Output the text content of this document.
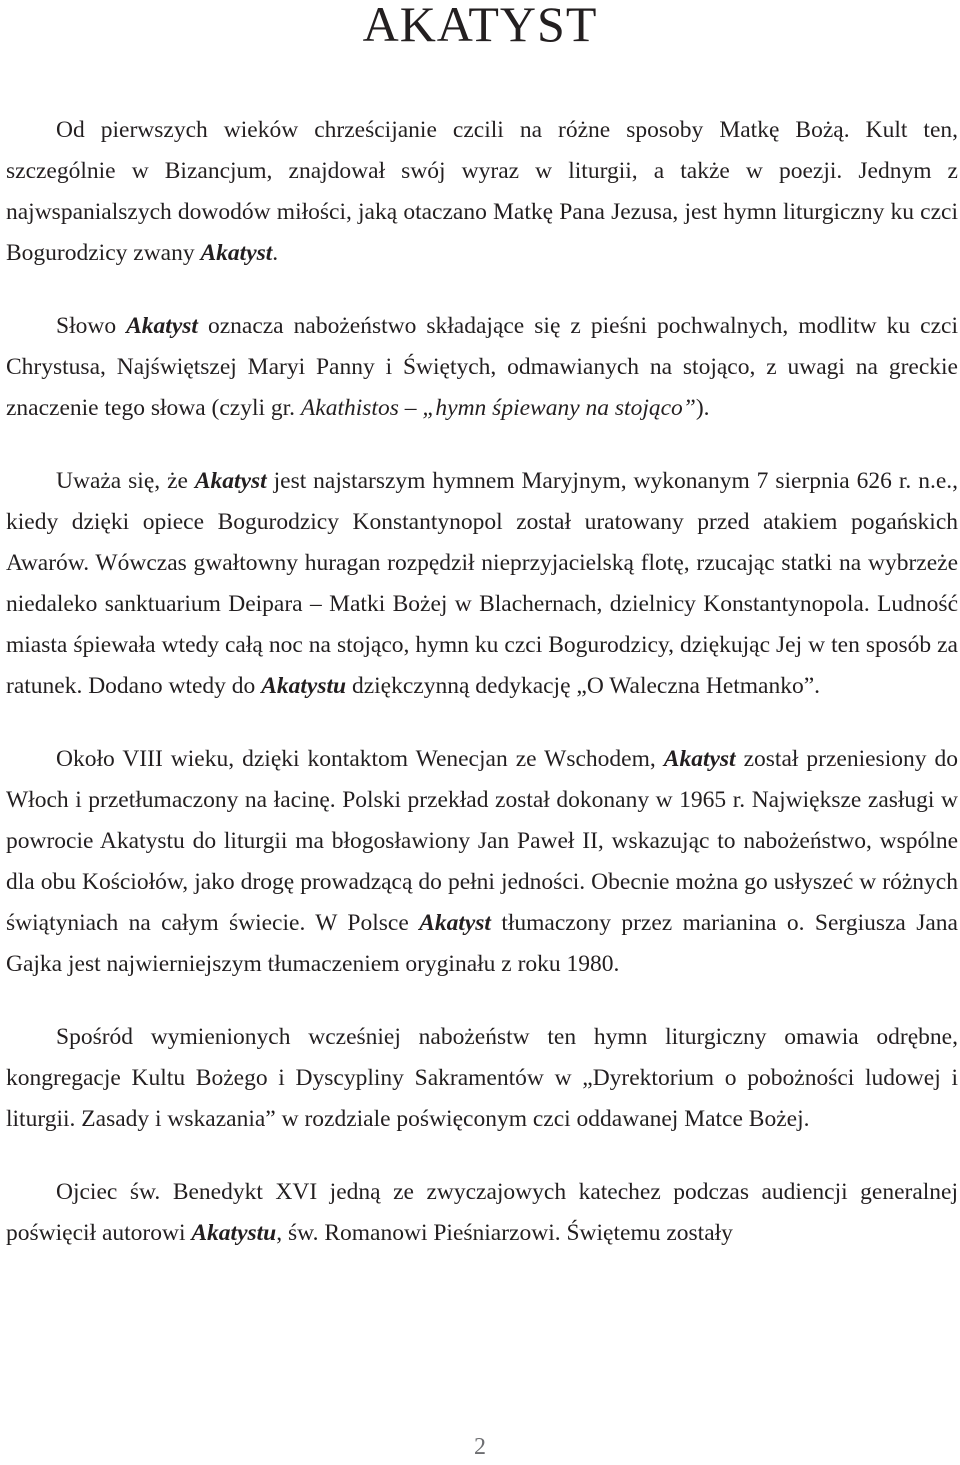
AKATYST

Od pierwszych wieków chrześcijanie czcili na różne sposoby Matkę Bożą. Kult ten, szczególnie w Bizancjum, znajdował swój wyraz w liturgii, a także w poezji. Jednym z najwspanialszych dowodów miłości, jaką otaczano Matkę Pana Jezusa, jest hymn liturgiczny ku czci Bogurodzicy zwany Akatyst.

Słowo Akatyst oznacza nabożeństwo składające się z pieśni pochwalnych, modlitw ku czci Chrystusa, Najświętszej Maryi Panny i Świętych, odmawianych na stojąco, z uwagi na greckie znaczenie tego słowa (czyli gr. Akathistos – „hymn śpiewany na stojąco”).

Uważa się, że Akatyst jest najstarszym hymnem Maryjnym, wykonanym 7 sierpnia 626 r. n.e., kiedy dzięki opiece Bogurodzicy Konstantynopol został uratowany przed atakiem pogańskich Awarów. Wówczas gwałtowny huragan rozpędził nieprzyjacielską flotę, rzucając statki na wybrzeże niedaleko sanktuarium Deipara – Matki Bożej w Blachernach, dzielnicy Konstantynopola. Ludność miasta śpiewała wtedy całą noc na stojąco, hymn ku czci Bogurodzicy, dziękując Jej w ten sposób za ratunek. Dodano wtedy do Akatystu dziękczynną dedykację „O Waleczna Hetmanko”.

Około VIII wieku, dzięki kontaktom Wenecjan ze Wschodem, Akatyst został przeniesiony do Włoch i przetłumaczony na łacinę. Polski przekład został dokonany w 1965 r. Największe zasługi w powrocie Akatystu do liturgii ma błogosławiony Jan Paweł II, wskazując to nabożeństwo, wspólne dla obu Kościołów, jako drogę prowadzącą do pełni jedności. Obecnie można go usłyszeć w różnych świątyniach na całym świecie. W Polsce Akatyst tłumaczony przez marianina o. Sergiusza Jana Gajka jest najwierniejszym tłumaczeniem oryginału z roku 1980.

Spośród wymienionych wcześniej nabożeństw ten hymn liturgiczny omawia odrębne, kongregacje Kultu Bożego i Dyscypliny Sakramentów w „Dyrektorium o pobożności ludowej i liturgii. Zasady i wskazania” w rozdziale poświęconym czci oddawanej Matce Bożej.

Ojciec św. Benedykt XVI jedną ze zwyczajowych katechez podczas audiencji generalnej poświęcił autorowi Akatystu, św. Romanowi Pieśniarzowi. Świętemu zostały

2
